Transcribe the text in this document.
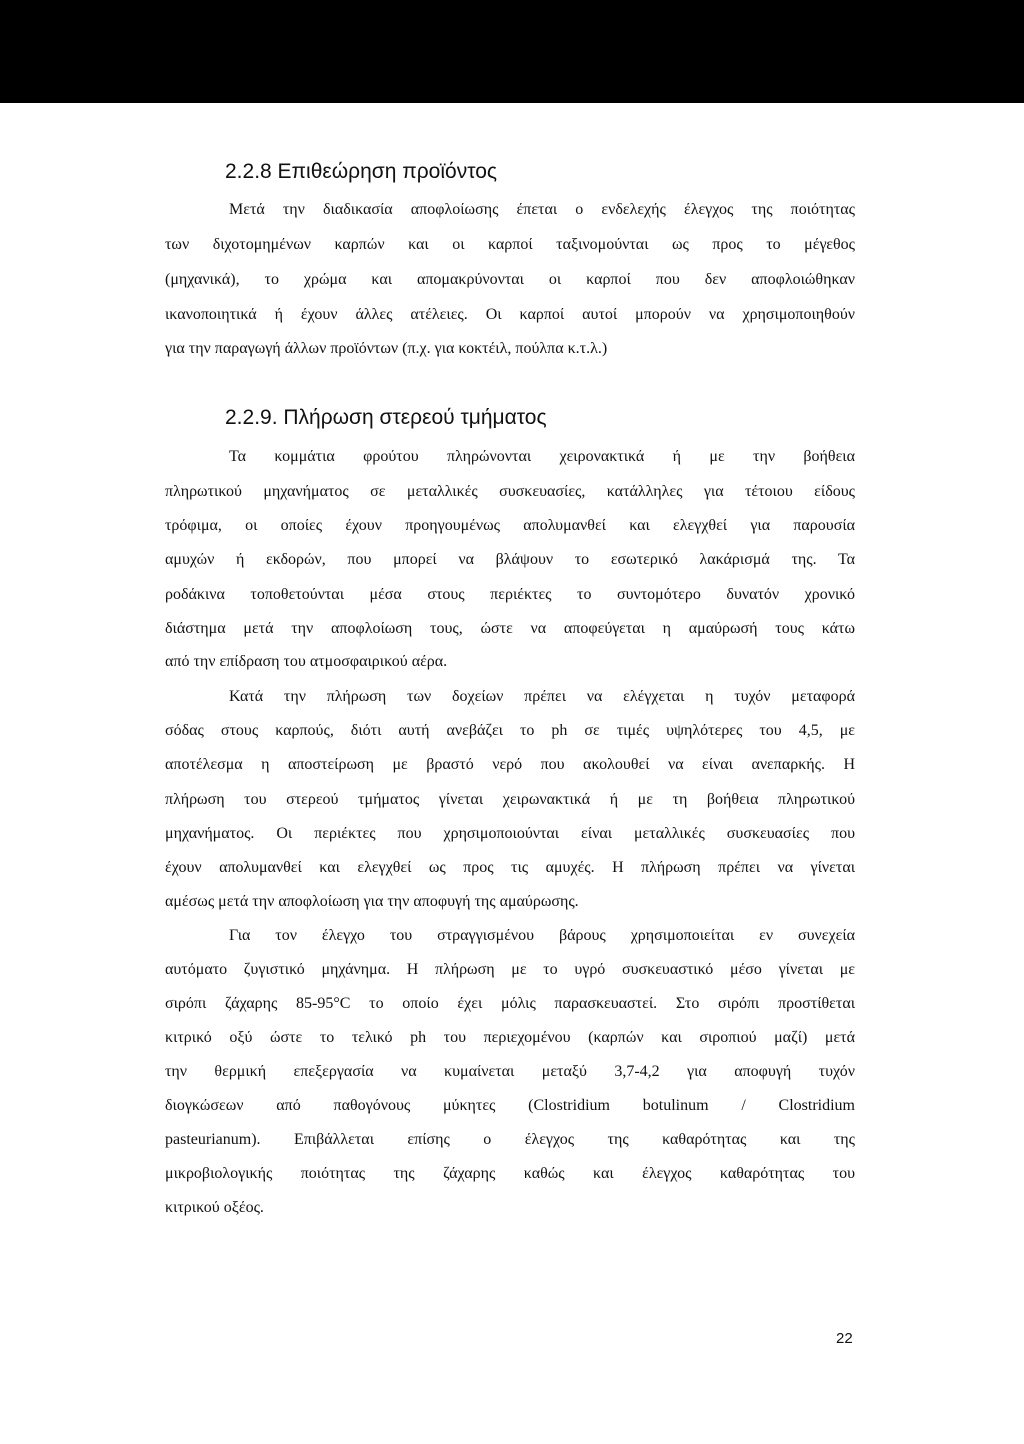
2.2.8 Επιθεώρηση προϊόντος
Μετά την διαδικασία αποφλοίωσης έπεται ο ενδελεχής έλεγχος της ποιότητας
των διχοτομημένων καρπών και οι καρποί ταξινομούνται ως προς το μέγεθος
(μηχανικά), το χρώμα και απομακρύνονται οι καρποί που δεν αποφλοιώθηκαν
ικανοποιητικά ή έχουν άλλες ατέλειες. Οι καρποί αυτοί μπορούν να χρησιμοποιηθούν
για την παραγωγή άλλων προϊόντων (π.χ. για κοκτέιλ, πούλπα κ.τ.λ.)
2.2.9. Πλήρωση στερεού τμήματος
Τα κομμάτια φρούτου πληρώνονται χειρονακτικά ή με την βοήθεια
πληρωτικού μηχανήματος σε μεταλλικές συσκευασίες, κατάλληλες για τέτοιου είδους
τρόφιμα, οι οποίες έχουν προηγουμένως απολυμανθεί και ελεγχθεί για παρουσία
αμυχών ή εκδορών, που μπορεί να βλάψουν το εσωτερικό λακάρισμά της. Τα
ροδάκινα τοποθετούνται μέσα στους περιέκτες το συντομότερο δυνατόν χρονικό
διάστημα μετά την αποφλοίωση τους, ώστε να αποφεύγεται η αμαύρωσή τους κάτω
από την επίδραση του ατμοσφαιρικού αέρα.
Κατά την πλήρωση των δοχείων πρέπει να ελέγχεται η τυχόν μεταφορά
σόδας στους καρπούς, διότι αυτή ανεβάζει το ph σε τιμές υψηλότερες του 4,5, με
αποτέλεσμα η αποστείρωση με βραστό νερό που ακολουθεί να είναι ανεπαρκής. Η
πλήρωση του στερεού τμήματος γίνεται χειρωνακτικά ή με τη βοήθεια πληρωτικού
μηχανήματος. Οι περιέκτες που χρησιμοποιούνται είναι μεταλλικές συσκευασίες που
έχουν απολυμανθεί και ελεγχθεί ως προς τις αμυχές. Η πλήρωση πρέπει να γίνεται
αμέσως μετά την αποφλοίωση για την αποφυγή της αμαύρωσης.
Για τον έλεγχο του στραγγισμένου βάρους χρησιμοποιείται εν συνεχεία
αυτόματο ζυγιστικό μηχάνημα. Η πλήρωση με το υγρό συσκευαστικό μέσο γίνεται με
σιρόπι ζάχαρης 85-95°C το οποίο έχει μόλις παρασκευαστεί. Στο σιρόπι προστίθεται
κιτρικό οξύ ώστε το τελικό ph του περιεχομένου (καρπών και σιροπιού μαζί) μετά
την θερμική επεξεργασία να κυμαίνεται μεταξύ 3,7-4,2 για αποφυγή τυχόν
διογκώσεων από παθογόνους μύκητες (Clostridium botulinum / Clostridium
pasteurianum). Επιβάλλεται επίσης ο έλεγχος της καθαρότητας και της
μικροβιολογικής ποιότητας της ζάχαρης καθώς και έλεγχος καθαρότητας του
κιτρικού οξέος.
22
